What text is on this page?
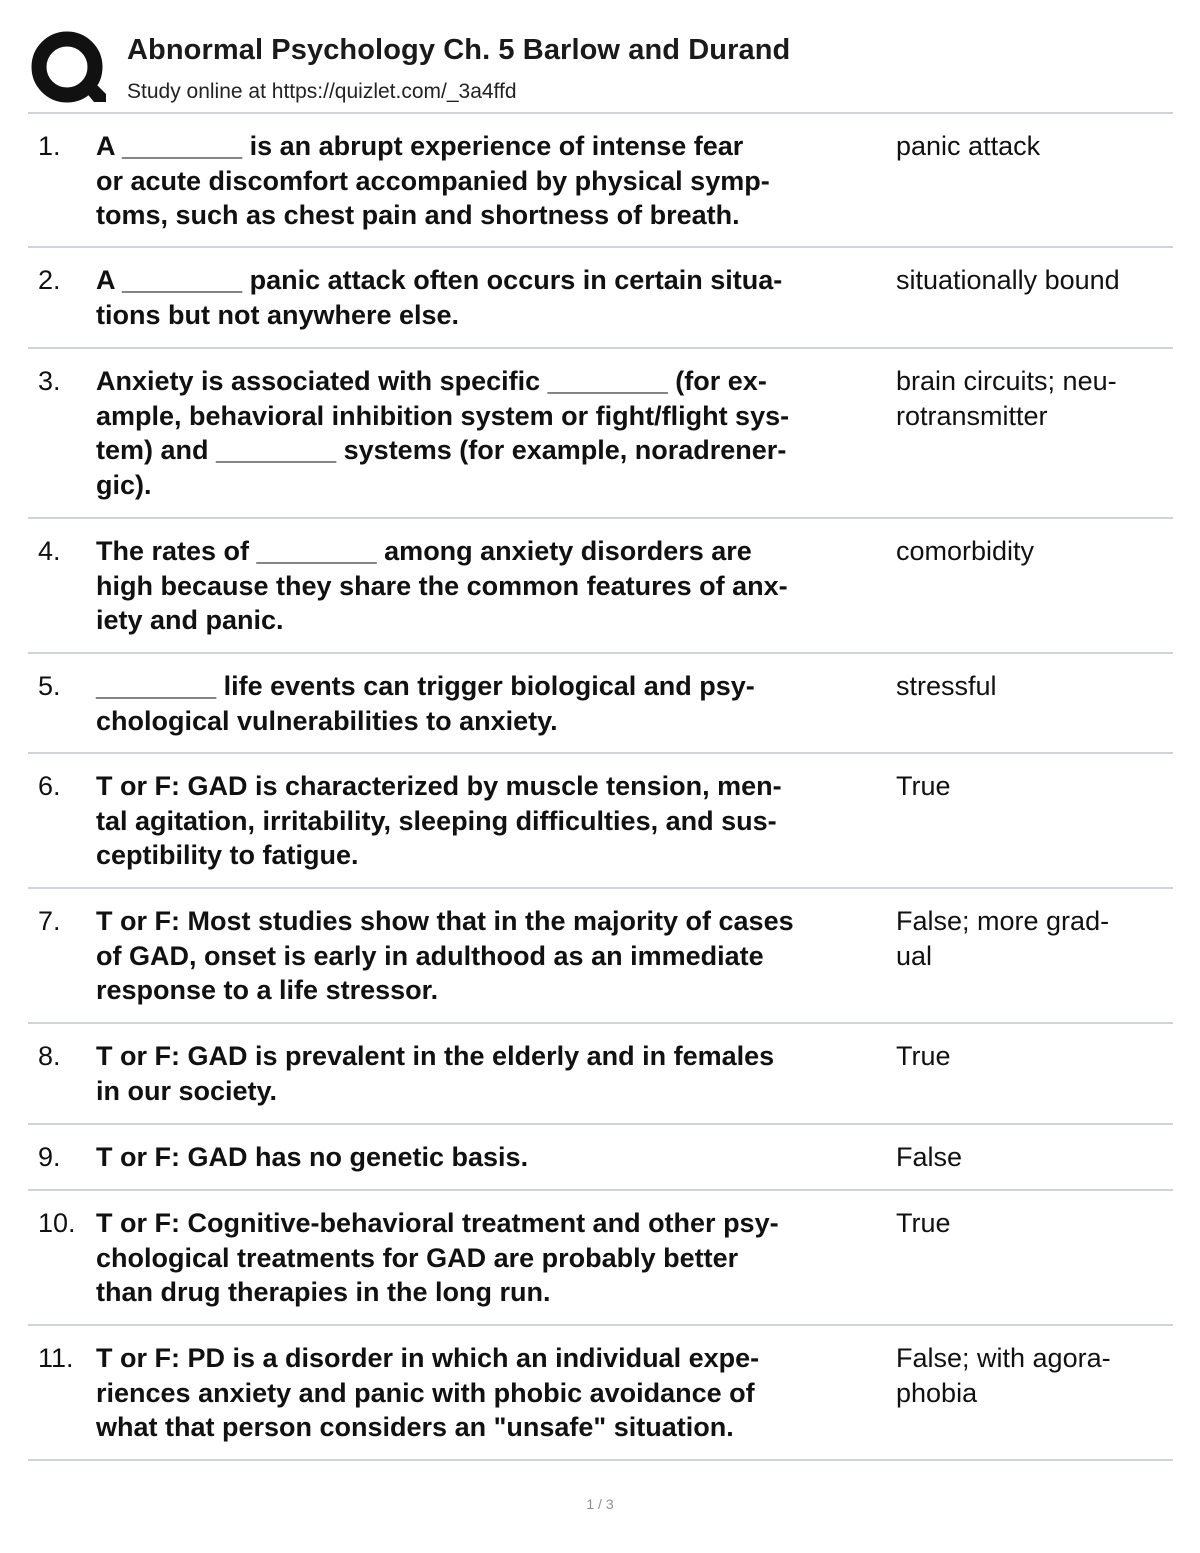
Abnormal Psychology Ch. 5 Barlow and Durand
Study online at https://quizlet.com/_3a4ffd
1. A ________ is an abrupt experience of intense fear
or acute discomfort accompanied by physical symp-
toms, such as chest pain and shortness of breath.
panic attack
2. A ________ panic attack often occurs in certain situa-
tions but not anywhere else.
situationally bound
3. Anxiety is associated with specific ________ (for ex-
ample, behavioral inhibition system or fight/flight sys-
tem) and ________ systems (for example, noradrener-
gic).
brain circuits; neu-
rotransmitter
4. The rates of ________ among anxiety disorders are
high because they share the common features of anx-
iety and panic.
comorbidity
5. ________ life events can trigger biological and psy-
chological vulnerabilities to anxiety.
stressful
6. T or F: GAD is characterized by muscle tension, men-
tal agitation, irritability, sleeping difficulties, and sus-
ceptibility to fatigue.
True
7. T or F: Most studies show that in the majority of cases
of GAD, onset is early in adulthood as an immediate
response to a life stressor.
False; more grad-
ual
8. T or F: GAD is prevalent in the elderly and in females
in our society.
True
9. T or F: GAD has no genetic basis.	False
10. T or F: Cognitive-behavioral treatment and other psy-
chological treatments for GAD are probably better
than drug therapies in the long run.
True
11. T or F: PD is a disorder in which an individual expe-
riences anxiety and panic with phobic avoidance of
what that person considers an "unsafe" situation.
False; with agora-
phobia
1 / 3
